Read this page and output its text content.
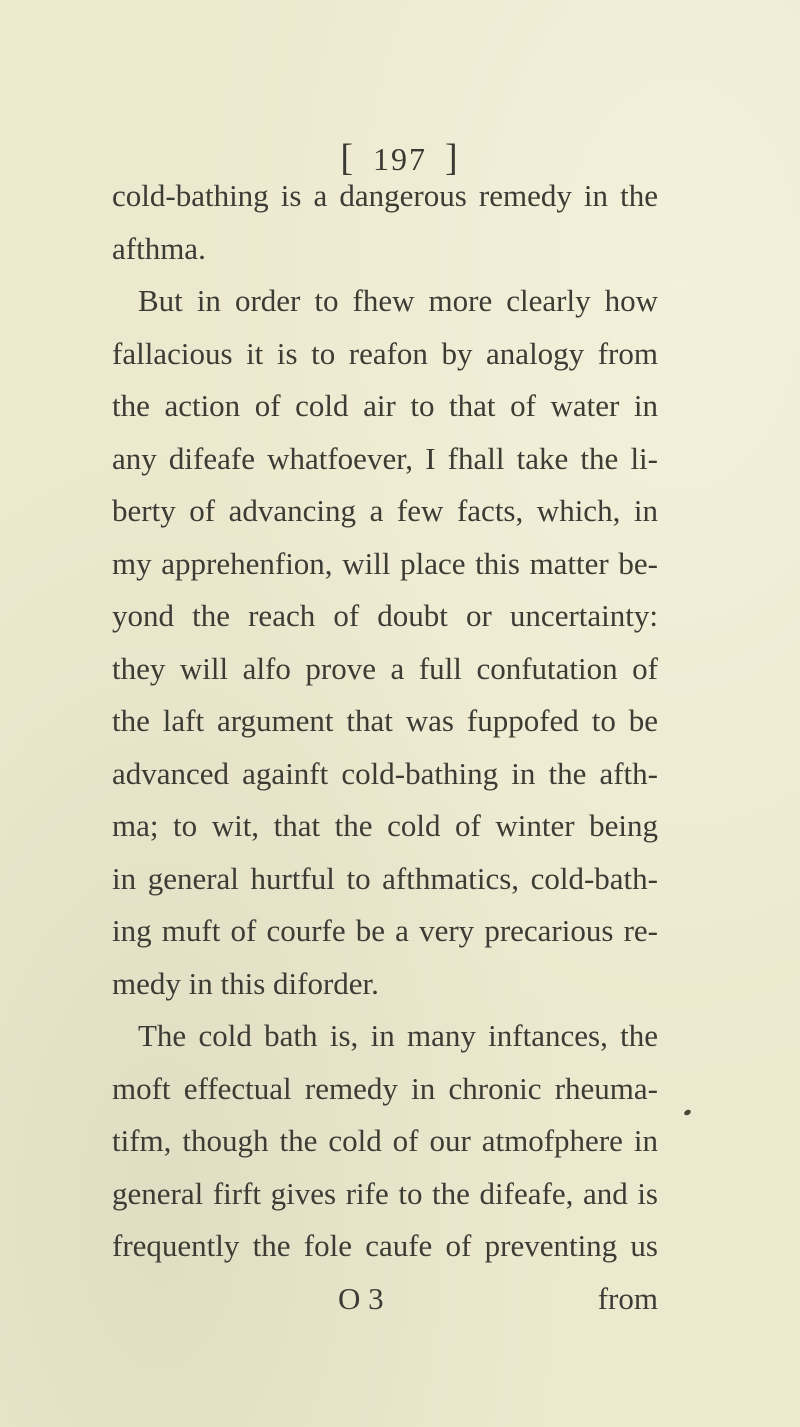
[ 197 ]
cold-bathing is a dangerous remedy in the
afthma.
But in order to fhew more clearly how
fallacious it is to reafon by analogy from
the action of cold air to that of water in
any difeafe whatfoever, I fhall take the li-
berty of advancing a few facts, which, in
my apprehenfion, will place this matter be-
yond the reach of doubt or uncertainty:
they will alfo prove a full confutation of
the laft argument that was fuppofed to be
advanced againft cold-bathing in the afth-
ma; to wit, that the cold of winter being
in general hurtful to afthmatics, cold-bath-
ing muft of courfe be a very precarious re-
medy in this diforder.
The cold bath is, in many inftances, the
moft effectual remedy in chronic rheuma-
tifm, though the cold of our atmofphere in
general firft gives rife to the difeafe, and is
frequently the fole caufe of preventing us
O 3	from
